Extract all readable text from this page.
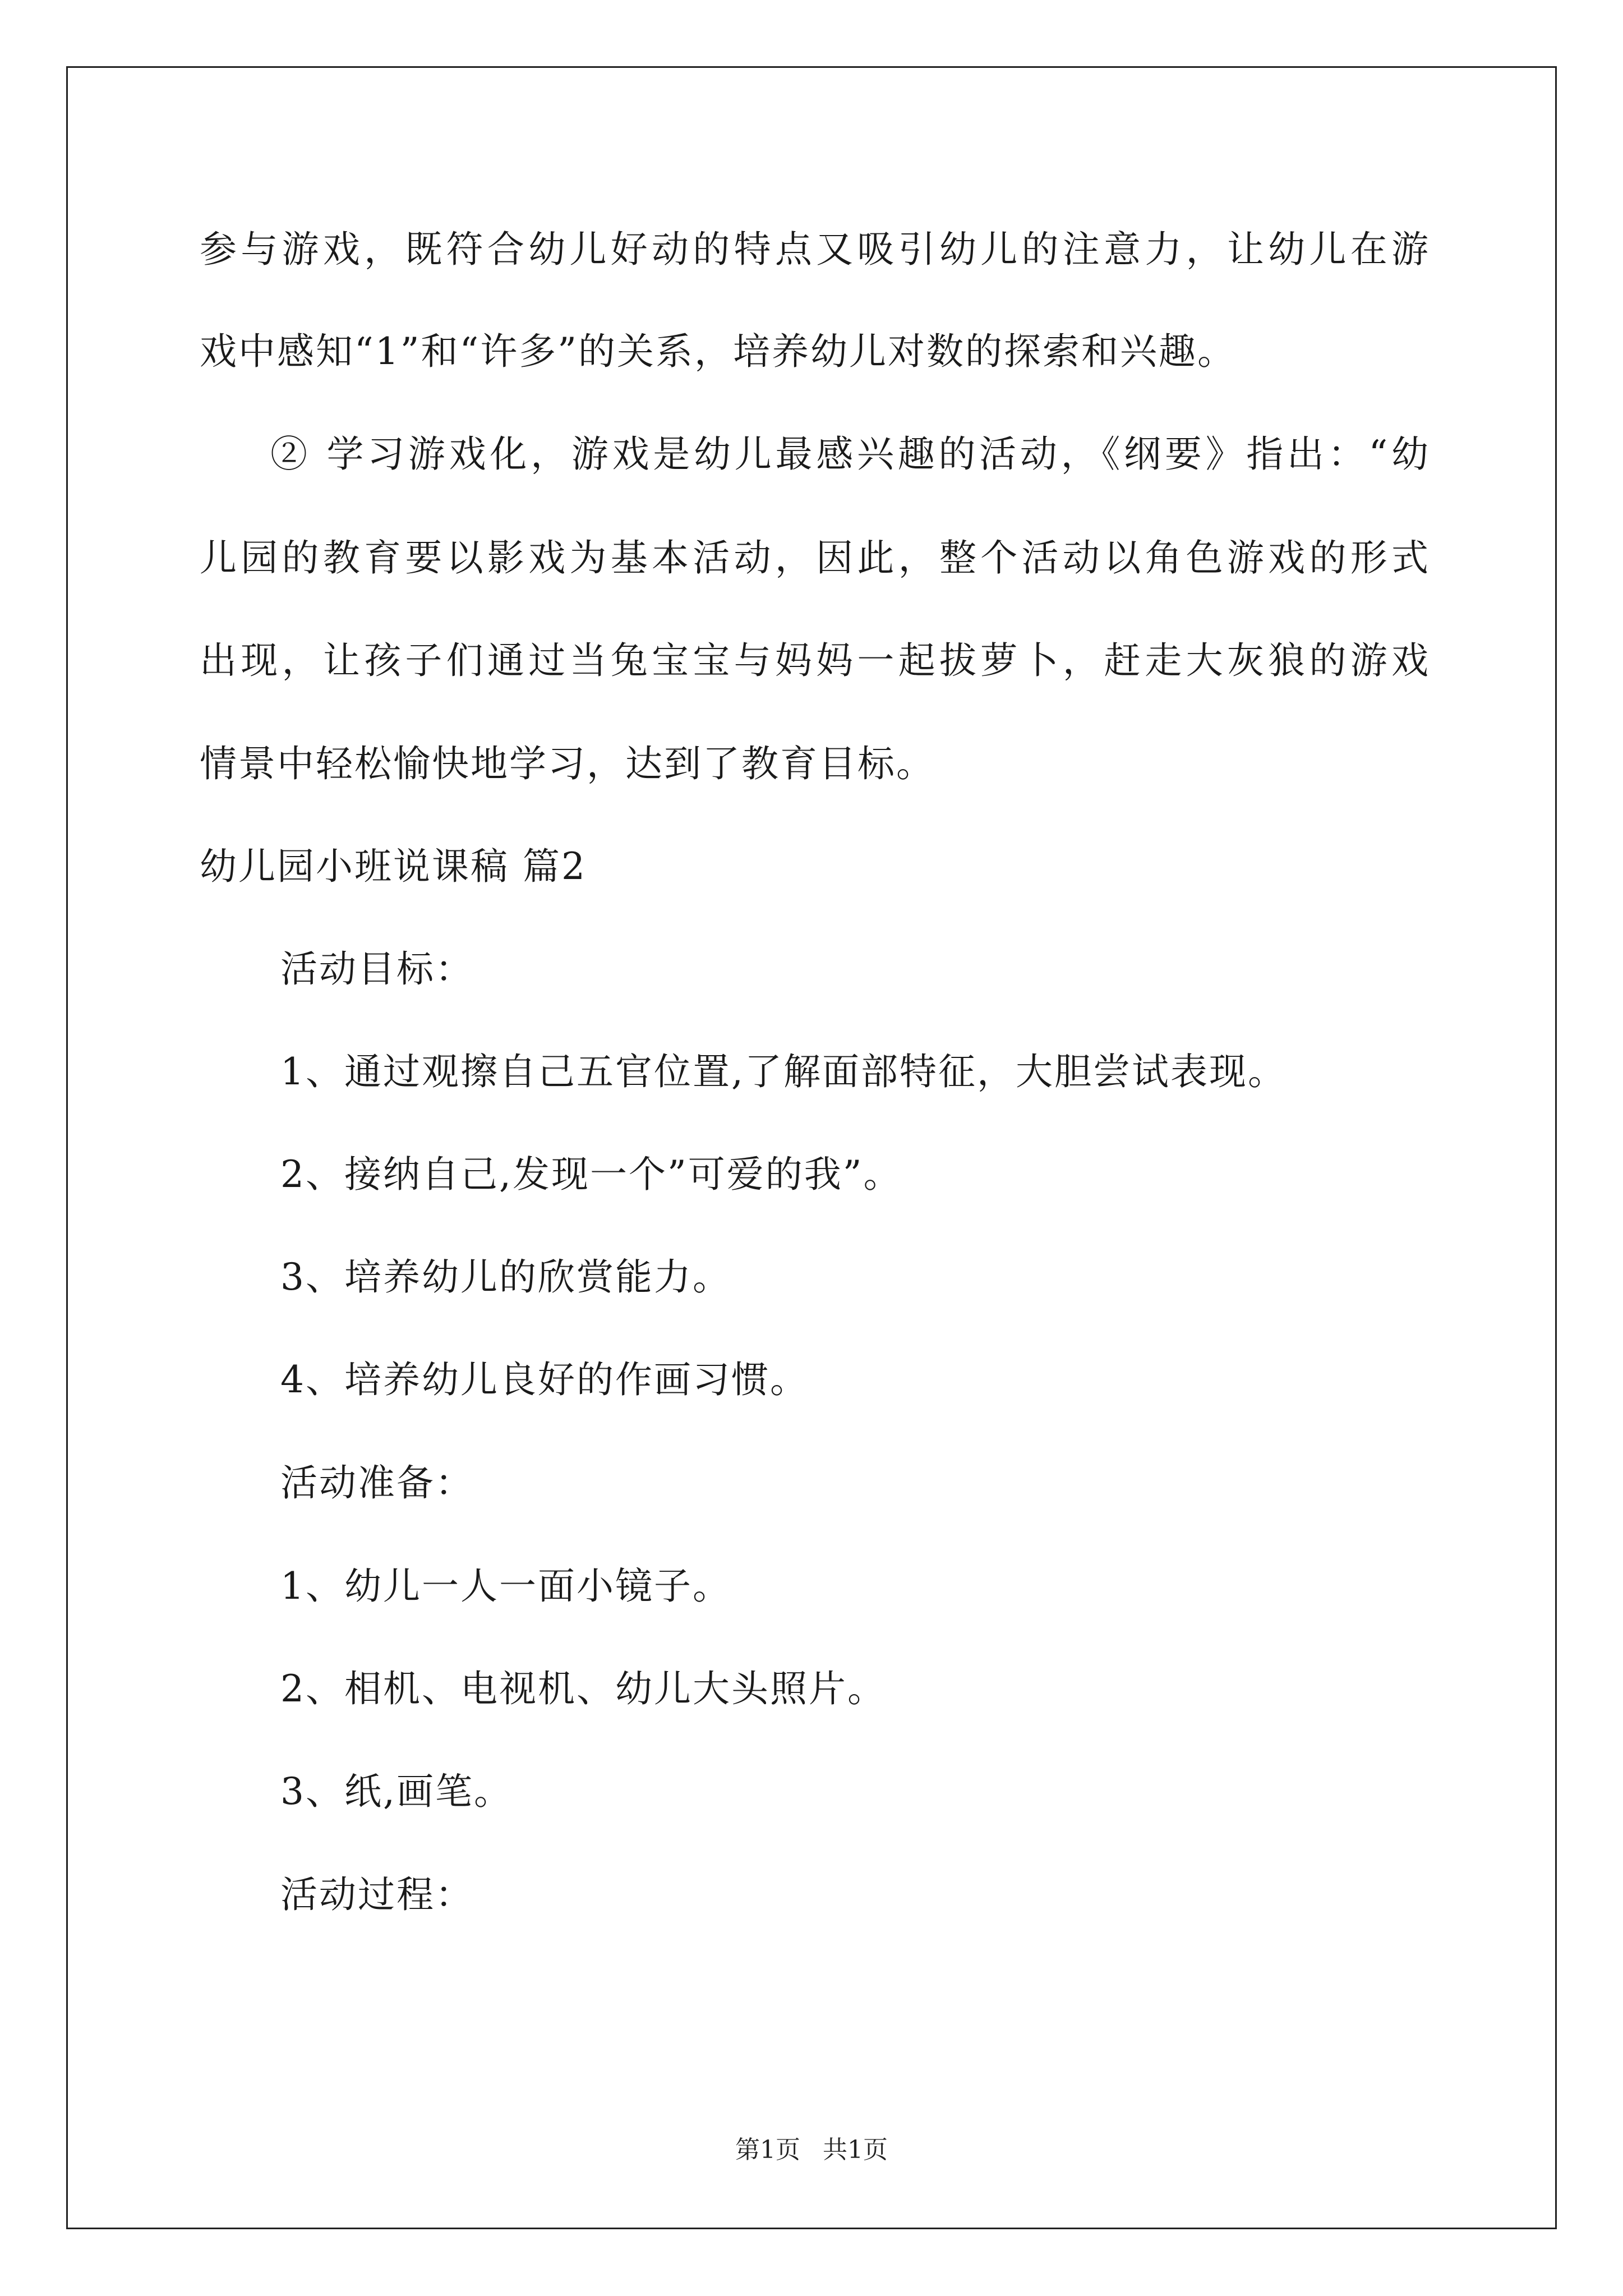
参与游戏，既符合幼儿好动的特点又吸引幼儿的注意力，让幼儿在游
戏中感知“1”和“许多”的关系，培养幼儿对数的探索和兴趣。
② 学习游戏化，游戏是幼儿最感兴趣的活动，《纲要》指出：“幼
儿园的教育要以影戏为基本活动，因此，整个活动以角色游戏的形式
出现，让孩子们通过当兔宝宝与妈妈一起拔萝卜，赶走大灰狼的游戏
情景中轻松愉快地学习，达到了教育目标。
幼儿园小班说课稿 篇2
活动目标：
1、通过观擦自己五官位置,了解面部特征，大胆尝试表现。
2、接纳自己,发现一个”可爱的我”。
3、培养幼儿的欣赏能力。
4、培养幼儿良好的作画习惯。
活动准备：
1、幼儿一人一面小镜子。
2、相机、电视机、幼儿大头照片。
3、纸,画笔。
活动过程：
第1页 共1页
